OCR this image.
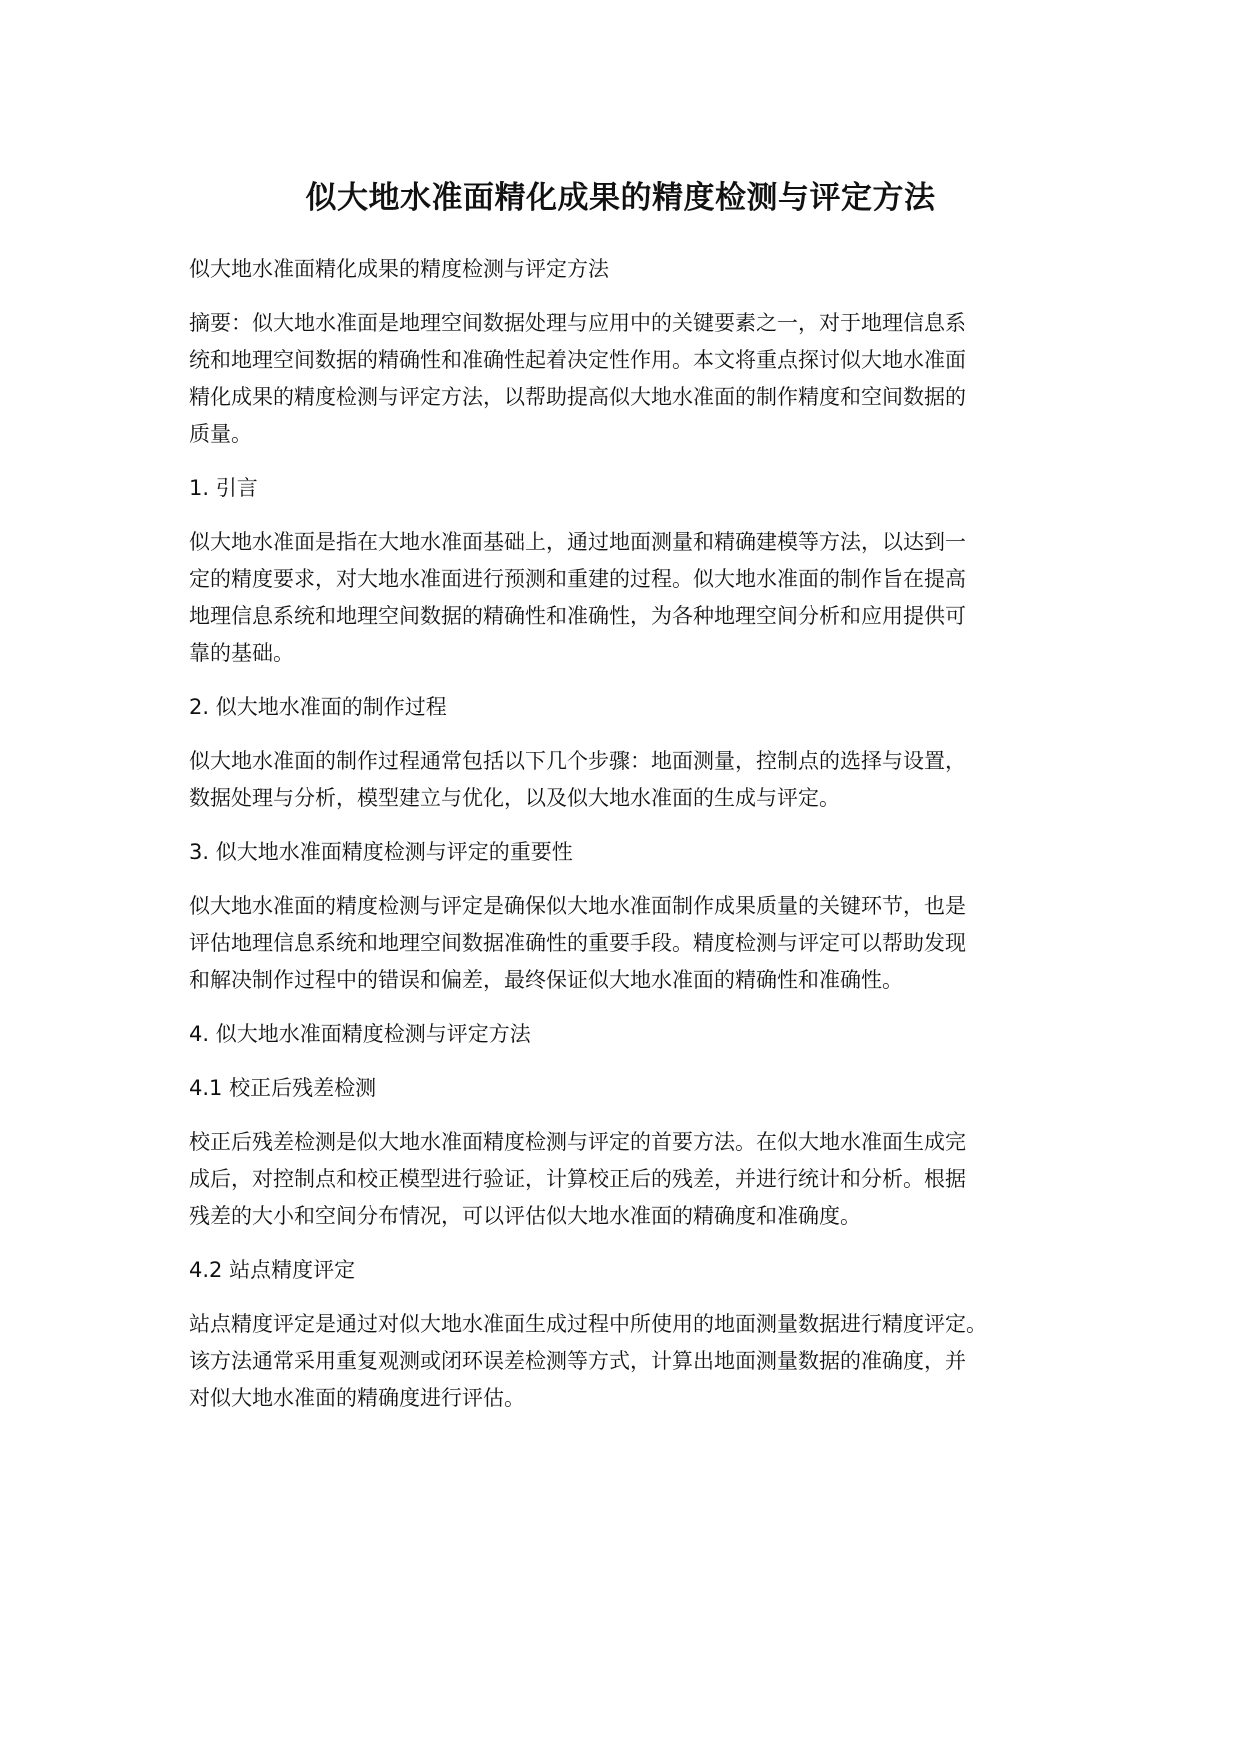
似大地水准面精化成果的精度检测与评定方法

似大地水准面精化成果的精度检测与评定方法

摘要：似大地水准面是地理空间数据处理与应用中的关键要素之一，对于地理信息系

统和地理空间数据的精确性和准确性起着决定性作用。本文将重点探讨似大地水准面

精化成果的精度检测与评定方法，以帮助提高似大地水准面的制作精度和空间数据的

质量。

1. 引言

似大地水准面是指在大地水准面基础上，通过地面测量和精确建模等方法，以达到一

定的精度要求，对大地水准面进行预测和重建的过程。似大地水准面的制作旨在提高

地理信息系统和地理空间数据的精确性和准确性，为各种地理空间分析和应用提供可

靠的基础。

2. 似大地水准面的制作过程

似大地水准面的制作过程通常包括以下几个步骤：地面测量，控制点的选择与设置，

数据处理与分析，模型建立与优化，以及似大地水准面的生成与评定。

3. 似大地水准面精度检测与评定的重要性

似大地水准面的精度检测与评定是确保似大地水准面制作成果质量的关键环节，也是

评估地理信息系统和地理空间数据准确性的重要手段。精度检测与评定可以帮助发现

和解决制作过程中的错误和偏差，最终保证似大地水准面的精确性和准确性。

4. 似大地水准面精度检测与评定方法

4.1 校正后残差检测

校正后残差检测是似大地水准面精度检测与评定的首要方法。在似大地水准面生成完

成后，对控制点和校正模型进行验证，计算校正后的残差，并进行统计和分析。根据

残差的大小和空间分布情况，可以评估似大地水准面的精确度和准确度。

4.2 站点精度评定

站点精度评定是通过对似大地水准面生成过程中所使用的地面测量数据进行精度评定。

该方法通常采用重复观测或闭环误差检测等方式，计算出地面测量数据的准确度，并

对似大地水准面的精确度进行评估。
